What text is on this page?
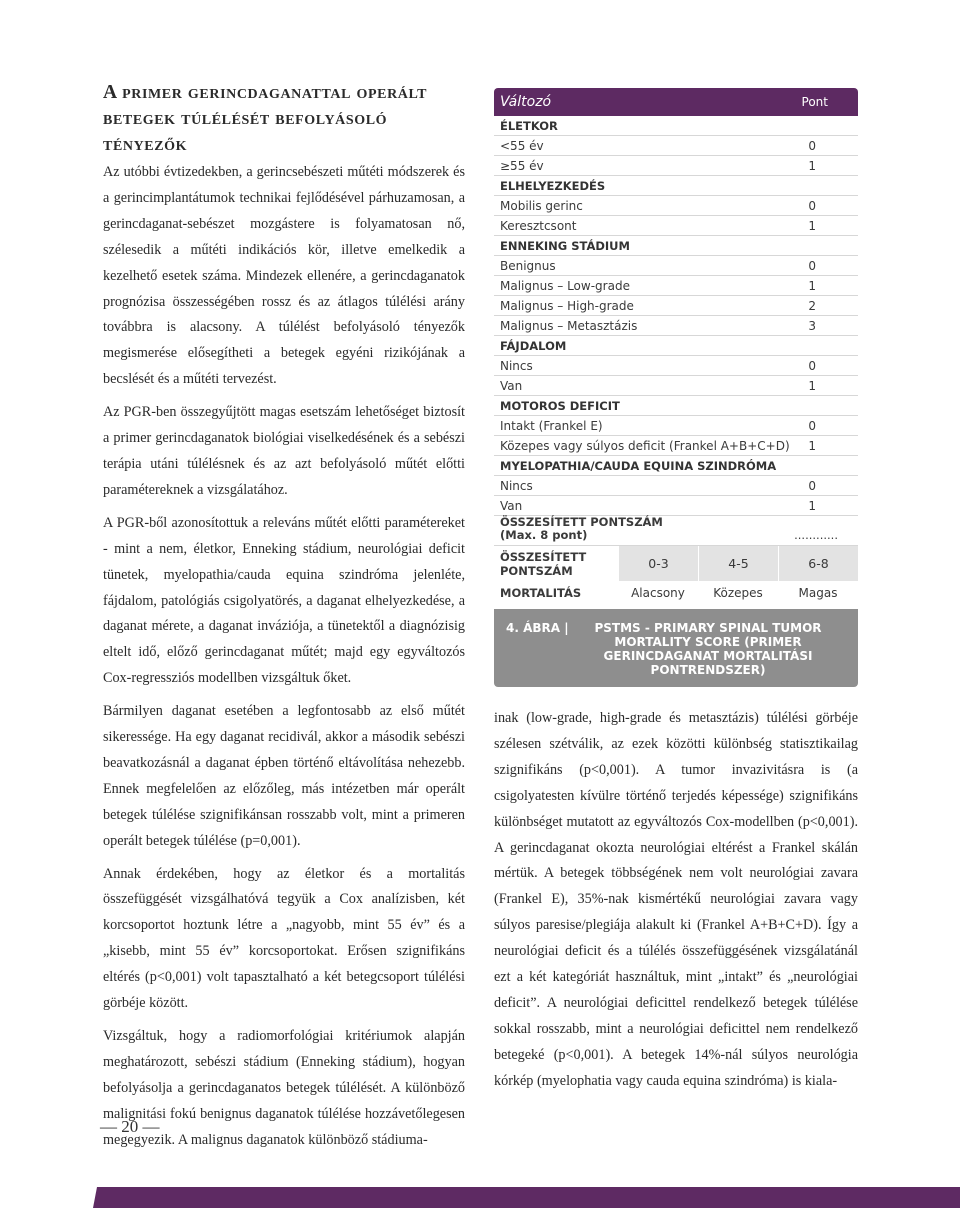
A primer gerincdaganattal operált betegek túlélését befolyásoló tényezők

Az utóbbi évtizedekben, a gerincsebészeti műtéti módszerek és a gerincimplantátumok technikai fejlődésével párhuzamosan, a gerincdaganat-sebészet mozgástere is folyamatosan nő, szélesedik a műtéti indikációs kör, illetve emelkedik a kezelhető esetek száma. Mindezek ellenére, a gerincdaganatok prognózisa összességében rossz és az átlagos túlélési arány továbbra is alacsony. A túlélést befolyásoló tényezők megismerése elősegítheti a betegek egyéni rizikójának a becslését és a műtéti tervezést.

Az PGR-ben összegyűjtött magas esetszám lehetőséget biztosít a primer gerincdaganatok biológiai viselkedésének és a sebészi terápia utáni túlélésnek és az azt befolyásoló műtét előtti paramétereknek a vizsgálatához.

A PGR-ből azonosítottuk a releváns műtét előtti paramétereket - mint a nem, életkor, Enneking stádium, neurológiai deficit tünetek, myelopathia/cauda equina szindróma jelenléte, fájdalom, patológiás csigolyatörés, a daganat elhelyezkedése, a daganat mérete, a daganat inváziója, a tünetektől a diagnózisig eltelt idő, előző gerincdaganat műtét; majd egy egyváltozós Cox-regressziós modellben vizsgáltuk őket.

Bármilyen daganat esetében a legfontosabb az első műtét sikeressége. Ha egy daganat recidivál, akkor a második sebészi beavatkozásnál a daganat épben történő eltávolítása nehezebb. Ennek megfelelően az előzőleg, más intézetben már operált betegek túlélése szignifikánsan rosszabb volt, mint a primeren operált betegek túlélése (p=0,001).

Annak érdekében, hogy az életkor és a mortalitás összefüggését vizsgálhatóvá tegyük a Cox analízisben, két korcsoportot hoztunk létre a „nagyobb, mint 55 év” és a „kisebb, mint 55 év” korcsoportokat. Erősen szignifikáns eltérés (p<0,001) volt tapasztalható a két betegcsoport túlélési görbéje között.

Vizsgáltuk, hogy a radiomorfológiai kritériumok alapján meghatározott, sebészi stádium (Enneking stádium), hogyan befolyásolja a gerincdaganatos betegek túlélését. A különböző malignitási fokú benignus daganatok túlélése hozzávetőlegesen megegyezik. A malignus daganatok különböző stádiuma-

Változó	Pont
ÉLETKOR
<55 év	0
≥55 év	1
ELHELYEZKEDÉS
Mobilis gerinc	0
Keresztcsont	1
ENNEKING STÁDIUM
Benignus	0
Malignus – Low-grade	1
Malignus – High-grade	2
Malignus – Metasztázis	3
FÁJDALOM
Nincs	0
Van	1
MOTOROS DEFICIT
Intakt (Frankel E)	0
Közepes vagy súlyos deficit (Frankel A+B+C+D)	1
MYELOPATHIA/CAUDA EQUINA SZINDRÓMA
Nincs	0
Van	1
ÖSSZESÍTETT PONTSZÁM
(Max. 8 pont)	............
ÖSSZESÍTETT
PONTSZÁM	0-3	4-5	6-8
MORTALITÁS	Alacsony	Közepes	Magas
4. ÁBRA |	PSTMS - PRIMARY SPINAL TUMOR MORTALITY SCORE (PRIMER GERINCDAGANAT MORTALITÁSI PONTRENDSZER)

inak (low-grade, high-grade és metasztázis) túlélési görbéje szélesen szétválik, az ezek közötti különbség statisztikailag szignifikáns (p<0,001). A tumor invazivitásra is (a csigolyatesten kívülre történő terjedés képessége) szignifikáns különbséget mutatott az egyváltozós Cox-modellben (p<0,001). A gerincdaganat okozta neurológiai eltérést a Frankel skálán mértük. A betegek többségének nem volt neurológiai zavara (Frankel E), 35%-nak kismértékű neurológiai zavara vagy súlyos paresise/plegiája alakult ki (Frankel A+B+C+D). Így a neurológiai deficit és a túlélés összefüggésének vizsgálatánál ezt a két kategóriát használtuk, mint „intakt” és „neurológiai deficit”. A neurológiai deficittel rendelkező betegek túlélése sokkal rosszabb, mint a neurológiai deficittel nem rendelkező betegeké (p<0,001). A betegek 14%-nál súlyos neurológia kórkép (myelophatia vagy cauda equina szindróma) is kiala-

— 20 —
